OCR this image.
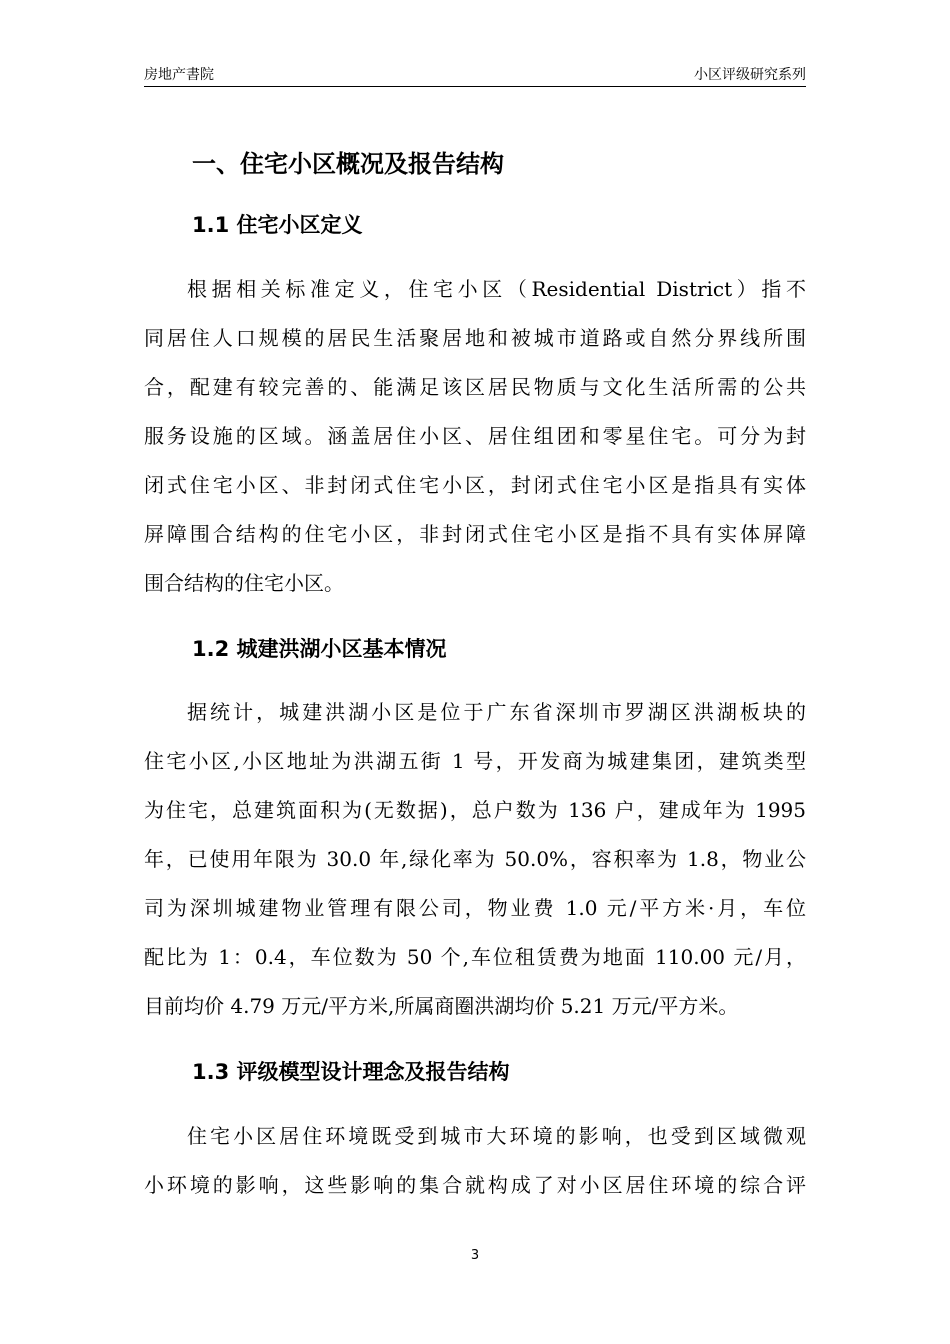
房地产書院	小区评级研究系列
一、住宅小区概况及报告结构
1.1 住宅小区定义
根据相关标准定义，住宅小区（Residential District）指不
同居住人口规模的居民生活聚居地和被城市道路或自然分界线所围
合，配建有较完善的、能满足该区居民物质与文化生活所需的公共
服务设施的区域。涵盖居住小区、居住组团和零星住宅。可分为封
闭式住宅小区、非封闭式住宅小区，封闭式住宅小区是指具有实体
屏障围合结构的住宅小区，非封闭式住宅小区是指不具有实体屏障
围合结构的住宅小区。
1.2 城建洪湖小区基本情况
据统计，城建洪湖小区是位于广东省深圳市罗湖区洪湖板块的
住宅小区,小区地址为洪湖五街 1 号，开发商为城建集团，建筑类型
为住宅，总建筑面积为(无数据)，总户数为 136 户，建成年为 1995
年，已使用年限为 30.0 年,绿化率为 50.0%，容积率为 1.8，物业公
司为深圳城建物业管理有限公司，物业费 1.0 元/平方米·月，车位
配比为 1：0.4，车位数为 50 个,车位租赁费为地面 110.00 元/月，
目前均价 4.79 万元/平方米,所属商圈洪湖均价 5.21 万元/平方米。
1.3 评级模型设计理念及报告结构
住宅小区居住环境既受到城市大环境的影响，也受到区域微观
小环境的影响，这些影响的集合就构成了对小区居住环境的综合评
3
